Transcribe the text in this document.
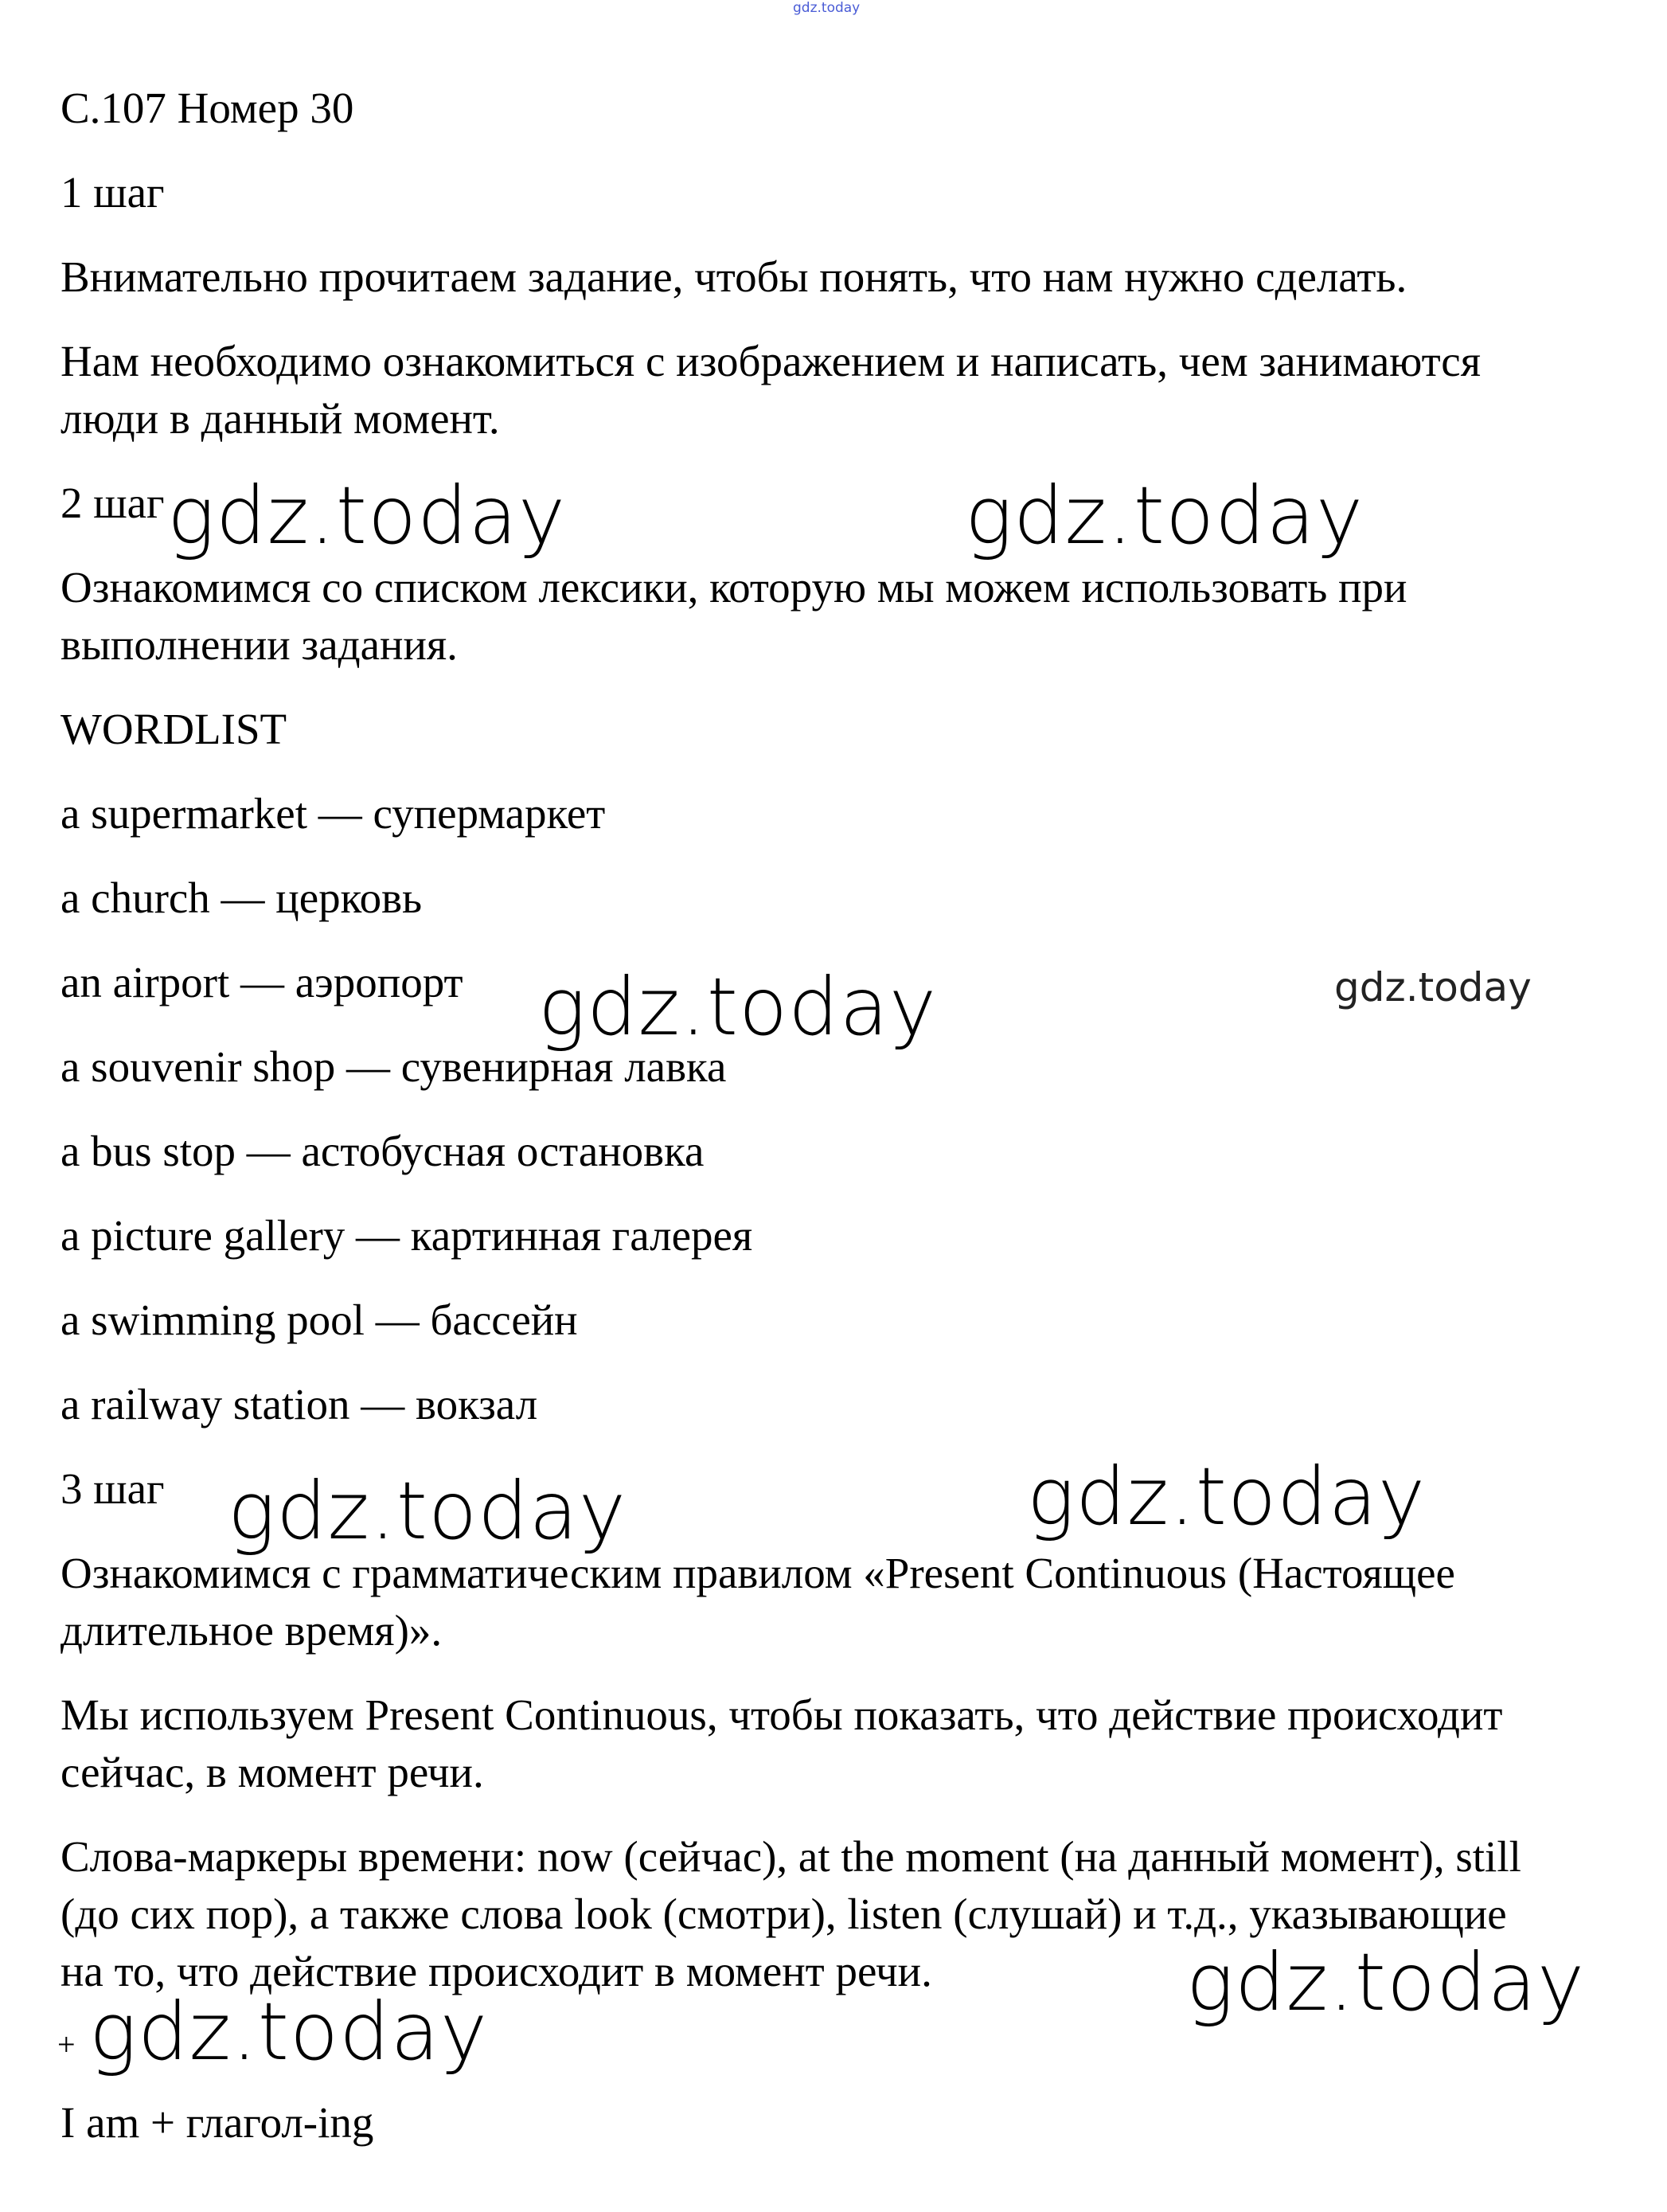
gdz.today

С.107 Номер 30

1 шаг

Внимательно прочитаем задание, чтобы понять, что нам нужно сделать.

Нам необходимо ознакомиться с изображением и написать, чем занимаются

люди в данный момент.

2 шаг gdz.today	gdz.today

Ознакомимся со списком лексики, которую мы можем использовать при

выполнении задания.

WORDLIST

a supermarket — супермаркет

a church — церковь

an airport — аэропорт gdz.today	gdz.today

a souvenir shop — сувенирная лавка

a bus stop — астобусная остановка

a picture gallery — картинная галерея

a swimming pool — бассейн

a railway station — вокзал

3 шаг gdz.today	gdz.today

Ознакомимся с грамматическим правилом «Present Continuous (Настоящее

длительное время)».

Мы используем Present Continuous, чтобы показать, что действие происходит

сейчас, в момент речи.

Слова-маркеры времени: now (сейчас), at the moment (на данный момент), still

(до сих пор), а также слова look (смотри), listen (слушай) и т.д., указывающие

на то, что действие происходит в момент речи.	gdz.today
+ gdz.today

I am + глагол-ing
